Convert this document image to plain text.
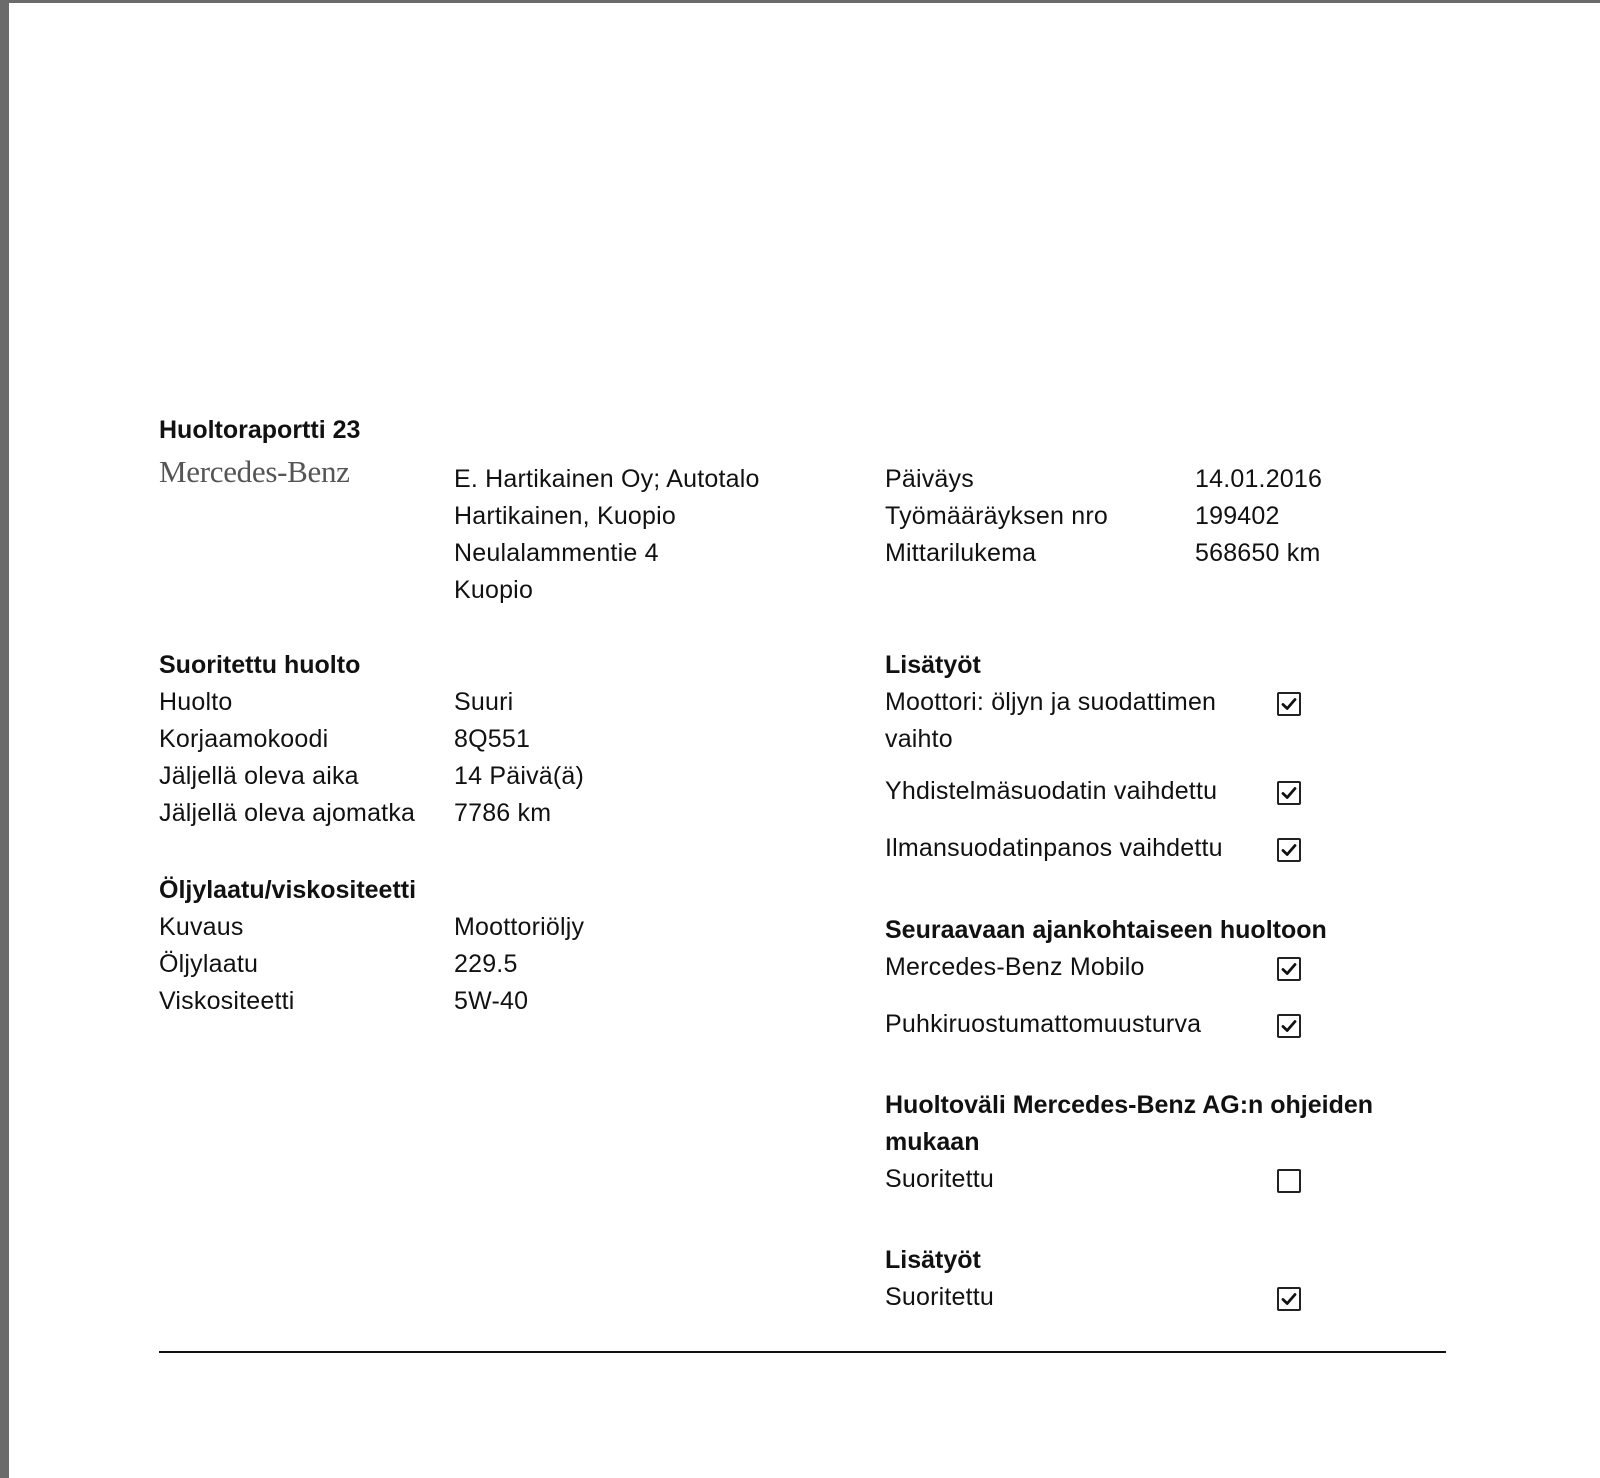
Huoltoraportti 23
Mercedes-Benz	E. Hartikainen Oy; Autotalo
Hartikainen, Kuopio
Neulalammentie 4
Kuopio
Päiväys	14.01.2016
Työmääräyksen nro	199402
Mittarilukema	568650 km
Suoritettu huolto
Huolto	Suuri
Korjaamokoodi	8Q551
Jäljellä oleva aika	14 Päivä(ä)
Jäljellä oleva ajomatka 7786 km
Öljylaatu/viskositeetti
Kuvaus	Moottoriöljy
Öljylaatu	229.5
Viskositeetti	5W-40
Lisätyöt
Moottori: öljyn ja suodattimen
vaihto
Yhdistelmäsuodatin vaihdettu
Ilmansuodatinpanos vaihdettu
Seuraavaan ajankohtaiseen huoltoon
Mercedes-Benz Mobilo
Puhkiruostumattomuusturva
Huoltoväli Mercedes-Benz AG:n ohjeiden
mukaan
Suoritettu
Lisätyöt
Suoritettu
